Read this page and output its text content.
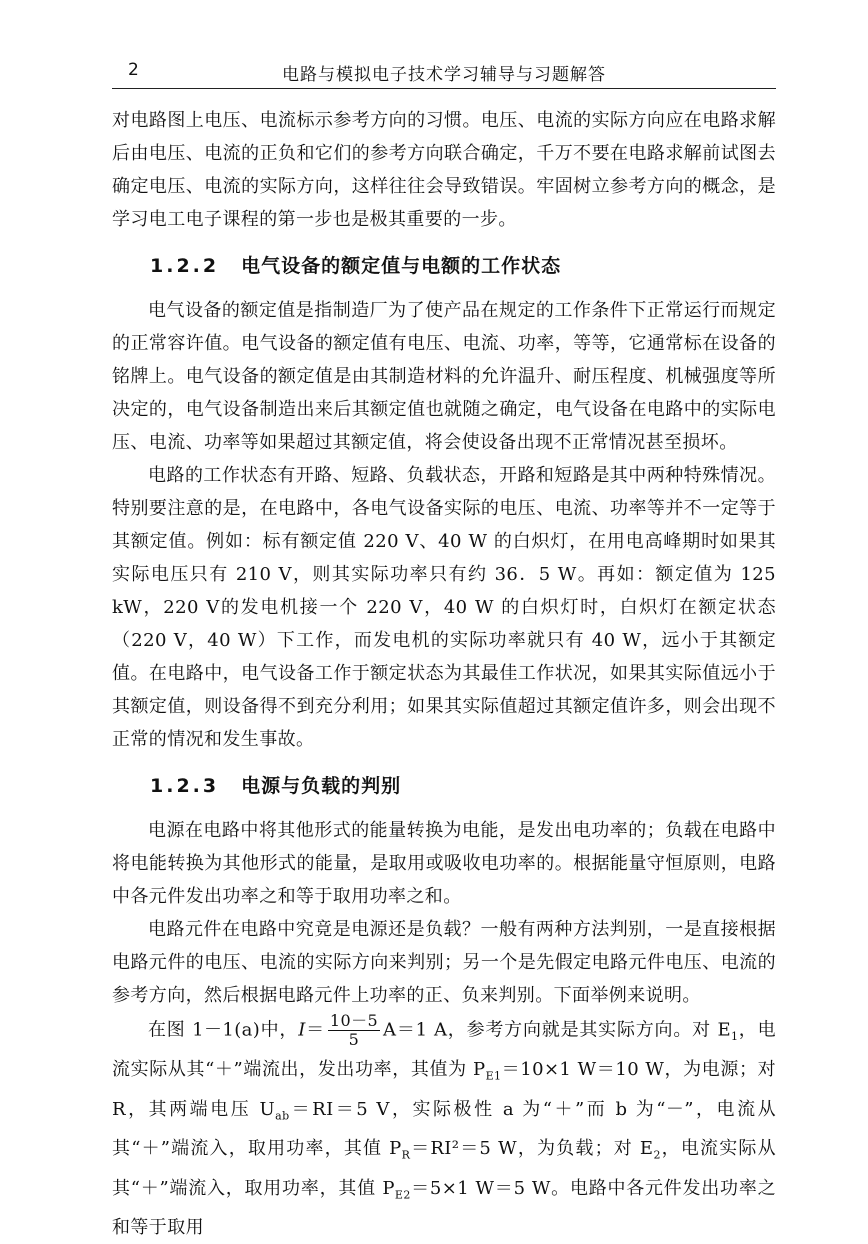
2	电路与模拟电子技术学习辅导与习题解答

对电路图上电压、电流标示参考方向的习惯。电压、电流的实际方向应在电路求解后由电压、电流的正负和它们的参考方向联合确定，千万不要在电路求解前试图去确定电压、电流的实际方向，这样往往会导致错误。牢固树立参考方向的概念，是学习电工电子课程的第一步也是极其重要的一步。

1.2.2 电气设备的额定值与电额的工作状态

电气设备的额定值是指制造厂为了使产品在规定的工作条件下正常运行而规定的正常容许值。电气设备的额定值有电压、电流、功率，等等，它通常标在设备的铭牌上。电气设备的额定值是由其制造材料的允许温升、耐压程度、机械强度等所决定的，电气设备制造出来后其额定值也就随之确定，电气设备在电路中的实际电压、电流、功率等如果超过其额定值，将会使设备出现不正常情况甚至损坏。

电路的工作状态有开路、短路、负载状态，开路和短路是其中两种特殊情况。特别要注意的是，在电路中，各电气设备实际的电压、电流、功率等并不一定等于其额定值。例如：标有额定值 220 V、40 W 的白炽灯，在用电高峰期时如果其实际电压只有 210 V，则其实际功率只有约 36．5 W。再如：额定值为 125 kW，220 V的发电机接一个 220 V，40 W 的白炽灯时，白炽灯在额定状态（220 V，40 W）下工作，而发电机的实际功率就只有 40 W，远小于其额定值。在电路中，电气设备工作于额定状态为其最佳工作状况，如果其实际值远小于其额定值，则设备得不到充分利用；如果其实际值超过其额定值许多，则会出现不正常的情况和发生事故。

1.2.3 电源与负载的判别

电源在电路中将其他形式的能量转换为电能，是发出电功率的；负载在电路中将电能转换为其他形式的能量，是取用或吸收电功率的。根据能量守恒原则，电路中各元件发出功率之和等于取用功率之和。

电路元件在电路中究竟是电源还是负载？一般有两种方法判别，一是直接根据电路元件的电压、电流的实际方向来判别；另一个是先假定电路元件电压、电流的参考方向，然后根据电路元件上功率的正、负来判别。下面举例来说明。

在图 1－1(a)中，$I= \frac{10-5}{5} A=1$ A，参考方向就是其实际方向。对 $E_1$，电流实际从其“＋”端流出，发出功率，其值为 $P_{E1}=10\times 1$ W＝10 W，为电源；对 R，其两端电压 $U_{ab}=RI=5$ V，实际极性 a 为“＋”而 b 为“－”，电流从其“＋”端流入，取用功率，其值 $P_R=RI^2=5$ W，为负载；对 $E_2$，电流实际从其“＋”端流入，取用功率，其值 $P_{E2}=5\times 1$ W＝5 W。电路中各元件发出功率之和等于取用
